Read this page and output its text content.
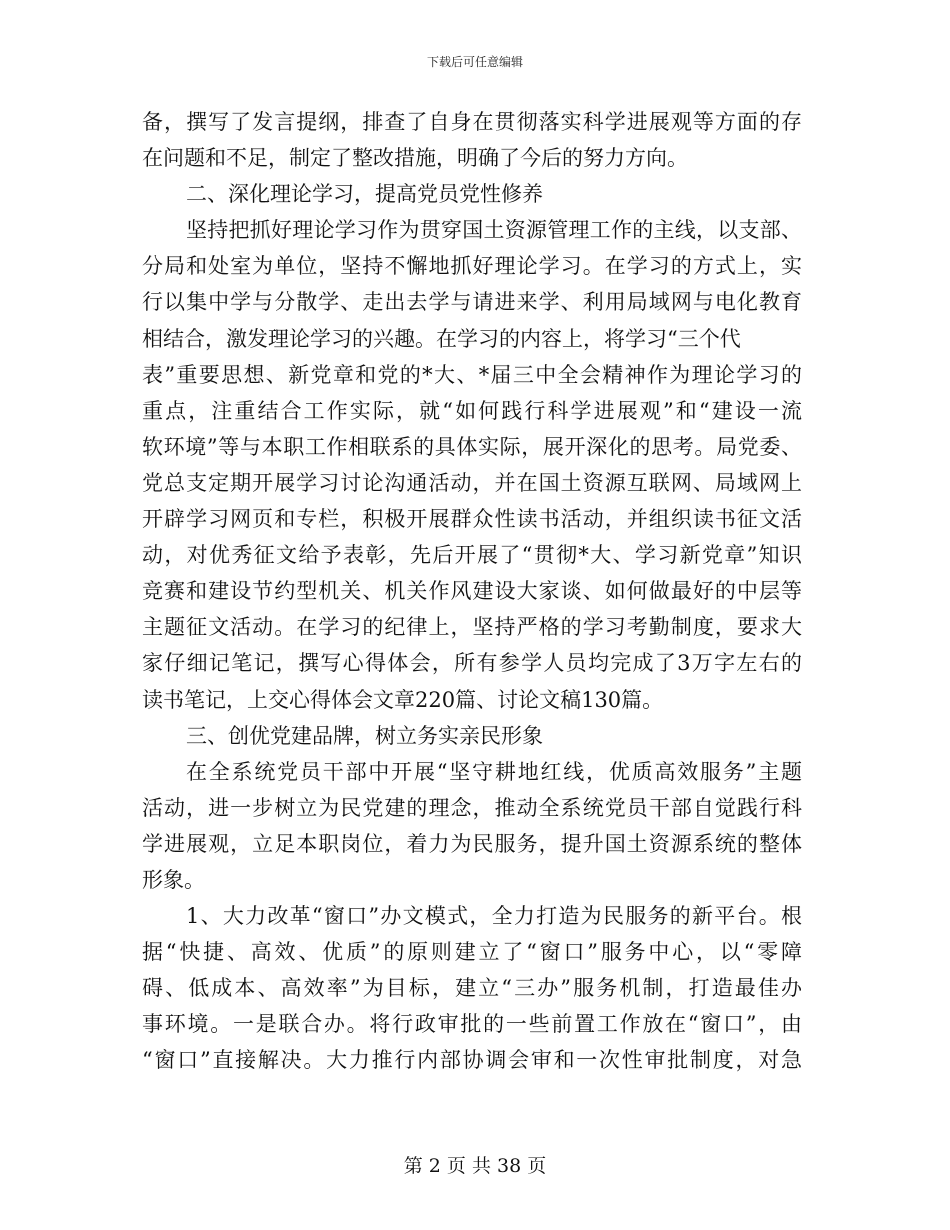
下载后可任意编辑
备，撰写了发言提纲，排查了自身在贯彻落实科学进展观等方面的存
在问题和不足，制定了整改措施，明确了今后的努力方向。
二、深化理论学习，提高党员党性修养
坚持把抓好理论学习作为贯穿国土资源管理工作的主线，以支部、
分局和处室为单位，坚持不懈地抓好理论学习。在学习的方式上，实
行以集中学与分散学、走出去学与请进来学、利用局域网与电化教育
相结合，激发理论学习的兴趣。在学习的内容上，将学习“三个代
表”重要思想、新党章和党的*大、*届三中全会精神作为理论学习的
重点，注重结合工作实际，就“如何践行科学进展观”和“建设一流
软环境”等与本职工作相联系的具体实际，展开深化的思考。局党委、
党总支定期开展学习讨论沟通活动，并在国土资源互联网、局域网上
开辟学习网页和专栏，积极开展群众性读书活动，并组织读书征文活
动，对优秀征文给予表彰，先后开展了“贯彻*大、学习新党章”知识
竞赛和建设节约型机关、机关作风建设大家谈、如何做最好的中层等
主题征文活动。在学习的纪律上，坚持严格的学习考勤制度，要求大
家仔细记笔记，撰写心得体会，所有参学人员均完成了3万字左右的
读书笔记，上交心得体会文章220篇、讨论文稿130篇。
三、创优党建品牌，树立务实亲民形象
在全系统党员干部中开展“坚守耕地红线，优质高效服务”主题
活动，进一步树立为民党建的理念，推动全系统党员干部自觉践行科
学进展观，立足本职岗位，着力为民服务，提升国土资源系统的整体
形象。
1、大力改革“窗口”办文模式，全力打造为民服务的新平台。根
据“快捷、高效、优质”的原则建立了“窗口”服务中心，以“零障
碍、低成本、高效率”为目标，建立“三办”服务机制，打造最佳办
事环境。一是联合办。将行政审批的一些前置工作放在“窗口”，由
“窗口”直接解决。大力推行内部协调会审和一次性审批制度，对急
第 2 页 共 38 页
